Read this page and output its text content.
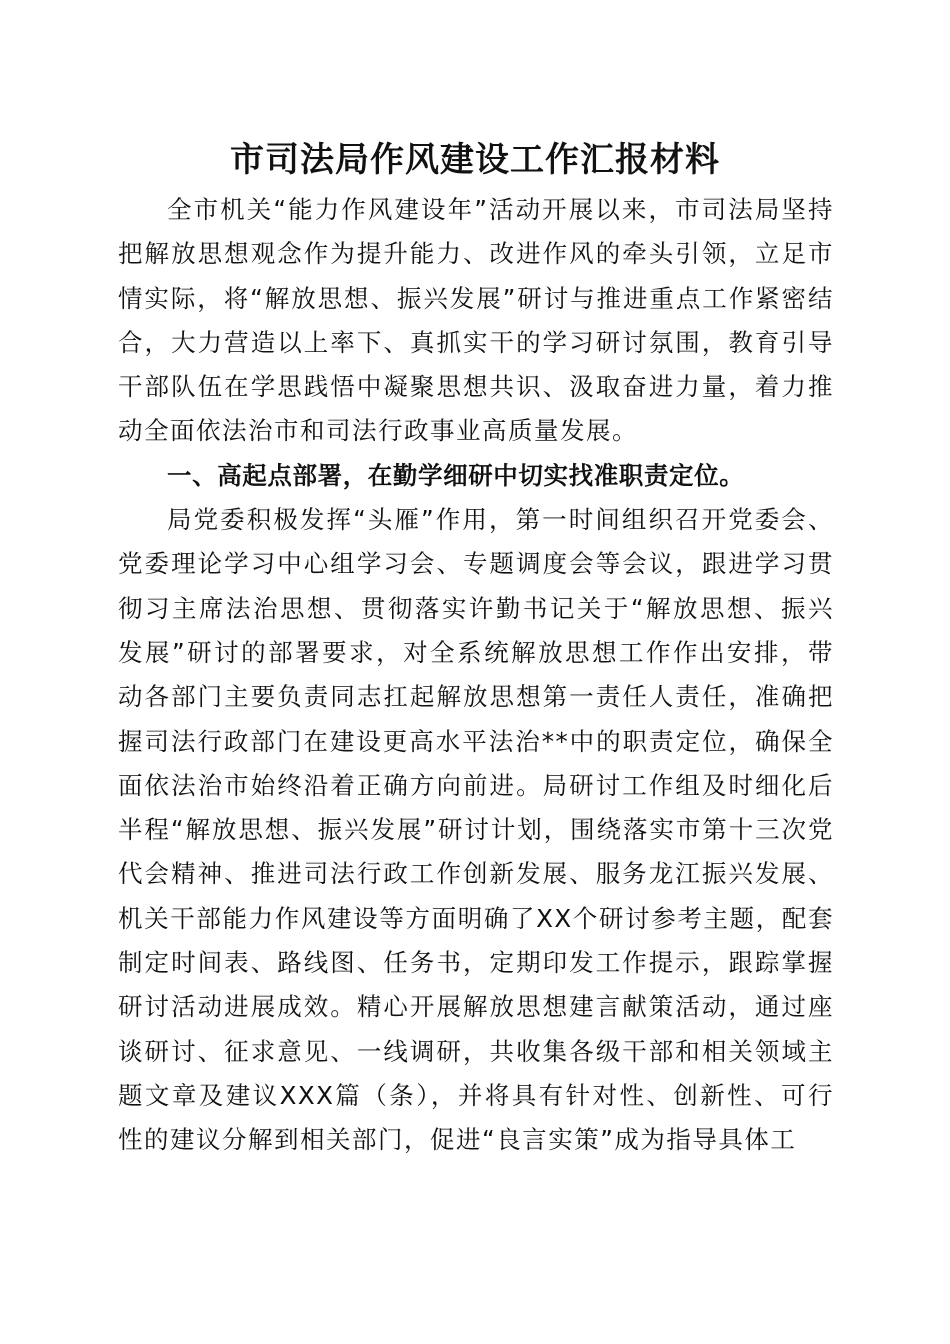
市司法局作风建设工作汇报材料

全市机关“能力作风建设年”活动开展以来，市司法局坚持把解放思想观念作为提升能力、改进作风的牵头引领，立足市情实际，将“解放思想、振兴发展”研讨与推进重点工作紧密结合，大力营造以上率下、真抓实干的学习研讨氛围，教育引导干部队伍在学思践悟中凝聚思想共识、汲取奋进力量，着力推动全面依法治市和司法行政事业高质量发展。

一、高起点部署，在勤学细研中切实找准职责定位。

局党委积极发挥“头雁”作用，第一时间组织召开党委会、党委理论学习中心组学习会、专题调度会等会议，跟进学习贯彻习主席法治思想、贯彻落实许勤书记关于“解放思想、振兴发展”研讨的部署要求，对全系统解放思想工作作出安排，带动各部门主要负责同志扛起解放思想第一责任人责任，准确把握司法行政部门在建设更高水平法治**中的职责定位，确保全面依法治市始终沿着正确方向前进。局研讨工作组及时细化后半程“解放思想、振兴发展”研讨计划，围绕落实市第十三次党代会精神、推进司法行政工作创新发展、服务龙江振兴发展、机关干部能力作风建设等方面明确了XX个研讨参考主题，配套制定时间表、路线图、任务书，定期印发工作提示，跟踪掌握研讨活动进展成效。精心开展解放思想建言献策活动，通过座谈研讨、征求意见、一线调研，共收集各级干部和相关领域主题文章及建议XXX篇（条），并将具有针对性、创新性、可行性的建议分解到相关部门，促进“良言实策”成为指导具体工
